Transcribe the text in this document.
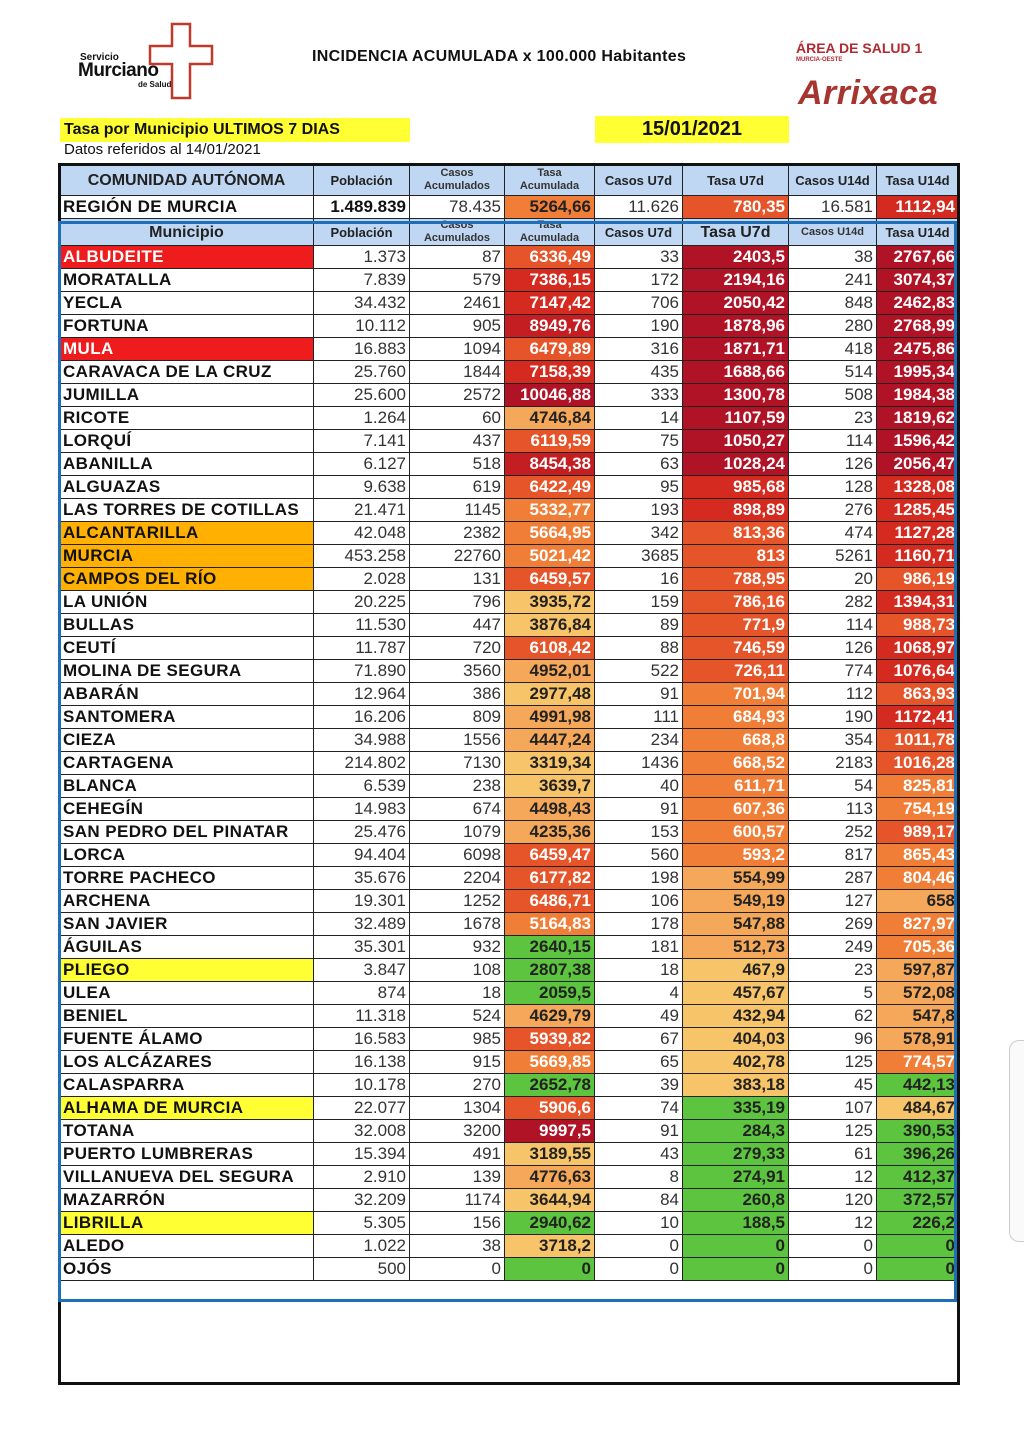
Servicio
Murciano
de Salud
INCIDENCIA ACUMULADA x 100.000 Habitantes	ÁREA DE SALUD 1
MURCIA-OESTE
Arrixaca
Tasa por Municipio ULTIMOS 7 DIAS	15/01/2021
Datos referidos al 14/01/2021
COMUNIDAD AUTÓNOMA	Población	Casos Acumulados	Tasa Acumulada	Casos U7d	Tasa U7d	Casos U14d	Tasa U14d
REGIÓN DE MURCIA	1.489.839	78.435	5264,66	11.626	780,35	16.581	1112,94
Municipio	Población	Casos Acumulados	Tasa Acumulada	Casos U7d	Tasa U7d	Casos U14d	Tasa U14d
ALBUDEITE	1.373	87	6336,49	33	2403,5	38	2767,66
MORATALLA	7.839	579	7386,15	172	2194,16	241	3074,37
YECLA	34.432	2461	7147,42	706	2050,42	848	2462,83
FORTUNA	10.112	905	8949,76	190	1878,96	280	2768,99
MULA	16.883	1094	6479,89	316	1871,71	418	2475,86
CARAVACA DE LA CRUZ	25.760	1844	7158,39	435	1688,66	514	1995,34
JUMILLA	25.600	2572	10046,88	333	1300,78	508	1984,38
RICOTE	1.264	60	4746,84	14	1107,59	23	1819,62
LORQUÍ	7.141	437	6119,59	75	1050,27	114	1596,42
ABANILLA	6.127	518	8454,38	63	1028,24	126	2056,47
ALGUAZAS	9.638	619	6422,49	95	985,68	128	1328,08
LAS TORRES DE COTILLAS	21.471	1145	5332,77	193	898,89	276	1285,45
ALCANTARILLA	42.048	2382	5664,95	342	813,36	474	1127,28
MURCIA	453.258	22760	5021,42	3685	813	5261	1160,71
CAMPOS DEL RÍO	2.028	131	6459,57	16	788,95	20	986,19
LA UNIÓN	20.225	796	3935,72	159	786,16	282	1394,31
BULLAS	11.530	447	3876,84	89	771,9	114	988,73
CEUTÍ	11.787	720	6108,42	88	746,59	126	1068,97
MOLINA DE SEGURA	71.890	3560	4952,01	522	726,11	774	1076,64
ABARÁN	12.964	386	2977,48	91	701,94	112	863,93
SANTOMERA	16.206	809	4991,98	111	684,93	190	1172,41
CIEZA	34.988	1556	4447,24	234	668,8	354	1011,78
CARTAGENA	214.802	7130	3319,34	1436	668,52	2183	1016,28
BLANCA	6.539	238	3639,7	40	611,71	54	825,81
CEHEGÍN	14.983	674	4498,43	91	607,36	113	754,19
SAN PEDRO DEL PINATAR	25.476	1079	4235,36	153	600,57	252	989,17
LORCA	94.404	6098	6459,47	560	593,2	817	865,43
TORRE PACHECO	35.676	2204	6177,82	198	554,99	287	804,46
ARCHENA	19.301	1252	6486,71	106	549,19	127	658
SAN JAVIER	32.489	1678	5164,83	178	547,88	269	827,97
ÁGUILAS	35.301	932	2640,15	181	512,73	249	705,36
PLIEGO	3.847	108	2807,38	18	467,9	23	597,87
ULEA	874	18	2059,5	4	457,67	5	572,08
BENIEL	11.318	524	4629,79	49	432,94	62	547,8
FUENTE ÁLAMO	16.583	985	5939,82	67	404,03	96	578,91
LOS ALCÁZARES	16.138	915	5669,85	65	402,78	125	774,57
CALASPARRA	10.178	270	2652,78	39	383,18	45	442,13
ALHAMA DE MURCIA	22.077	1304	5906,6	74	335,19	107	484,67
TOTANA	32.008	3200	9997,5	91	284,3	125	390,53
PUERTO LUMBRERAS	15.394	491	3189,55	43	279,33	61	396,26
VILLANUEVA DEL SEGURA	2.910	139	4776,63	8	274,91	12	412,37
MAZARRÓN	32.209	1174	3644,94	84	260,8	120	372,57
LIBRILLA	5.305	156	2940,62	10	188,5	12	226,2
ALEDO	1.022	38	3718,2	0	0	0	0
OJÓS	500	0	0	0	0	0	0
